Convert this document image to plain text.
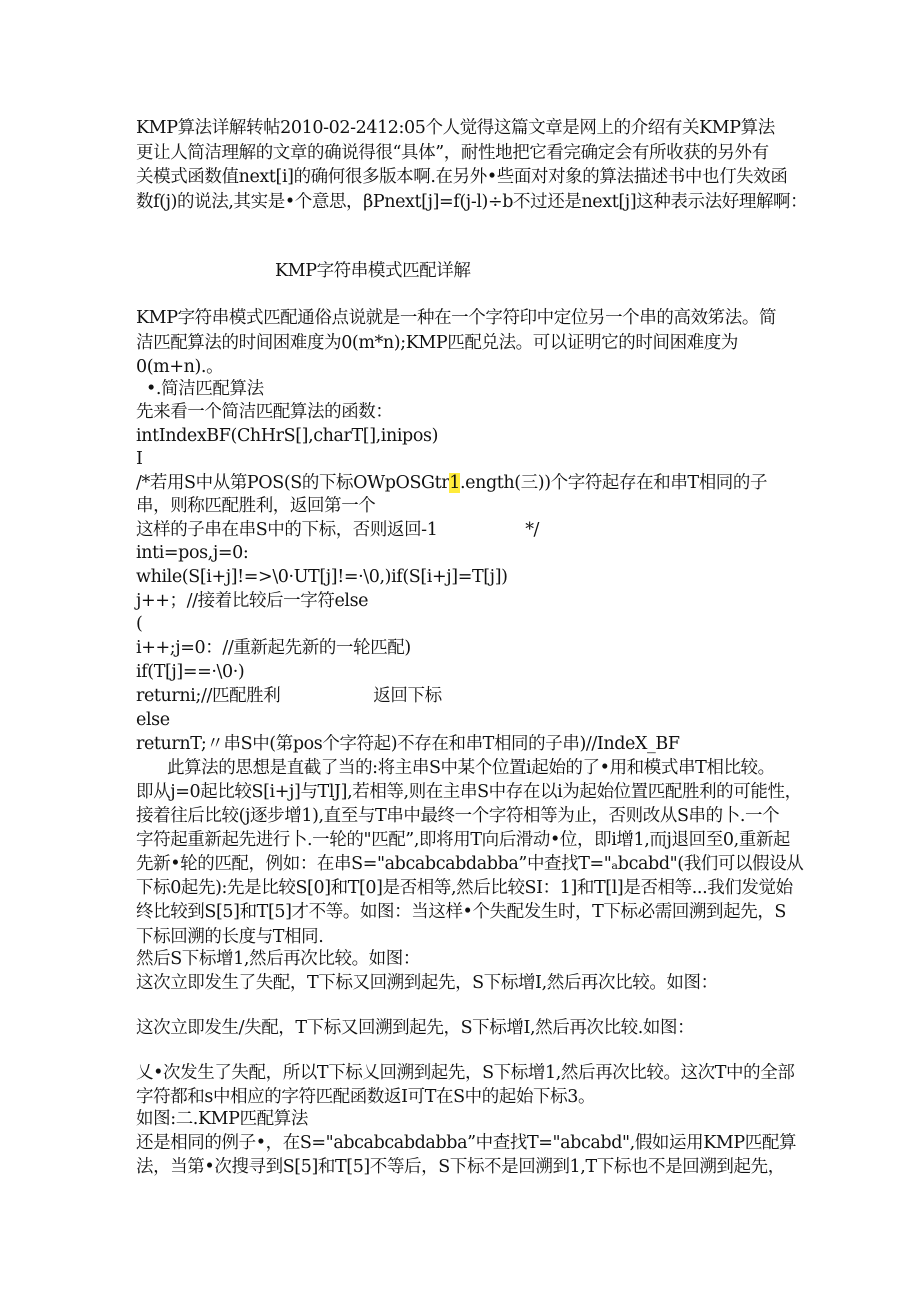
KMP算法详解转帖2010-02-2412:05个人觉得这篇文章是网上的介绍有关KMP算法

更让人简洁理解的文章的确说得很“具体”，耐性地把它看完确定会有所收获的另外有

关模式函数值next[i]的确何很多版本啊.在另外•些面对对象的算法描述书中也仃失效函

数f(j)的说法,其实是•个意思，βPnext[j]=f(j-l)÷b不过还是next[j]这种表示法好理解啊：

KMP字符串模式匹配详解

KMP字符串模式匹配通俗点说就是一种在一个字符印中定位另一个串的高效笫法。简

洁匹配算法的时间困难度为0(m*n);KMP匹配兑法。可以证明它的时间困难度为

0(m+n).。

•.简洁匹配算法

先来看一个简洁匹配算法的函数：

intIndexBF(ChHrS[],charT[],inipos)

I

/*若用S中从第POS(S的下标OWpOSGtr1.ength(三))个字符起存在和串T相同的子

串，则称匹配胜利，返回第一个

这样的子串在串S中的下标，否则返回-1                 */

inti=pos,j=0:

while(S[i+j]!=>\0·UT[j]!=·\0,)if(S[i+j]=T[j])

j++；//接着比较后一字符else

(

i++;j=0：//重新起先新的一轮匹配)

if(T[j]==·\0·)

returni;//匹配胜利                  返回下标

else

returnT;〃串S中(第pos个字符起)不存在和串T相同的子串)//IndeX_BF

此算法的思想是直截了当的:将主串S中某个位置i起始的了•用和模式串T相比较。

即从j=0起比较S[i+j]与TlJ],若相等,则在主串S中存在以i为起始位置匹配胜利的可能性，

接着往后比较(j逐步增1),直至与T串中最终一个字符相等为止，否则改从S串的卜.一个

字符起重新起先进行卜.一轮的"匹配”,即将用T向后滑动•位，即i增1,而j退回至0,重新起

先新•轮的匹配，例如：在串S="abcabcabdabba”中查找T="ₐbcabd"(我们可以假设从

下标0起先):先是比较S[0]和T[0]是否相等,然后比较SI：1]和T[l]是否相等...我们发觉始

终比较到S[5]和T[5]才不等。如图：当这样•个失配发生时，T下标必需回溯到起先，S

下标回溯的长度与T相同.

然后S下标增1,然后再次比较。如图：

这次立即发生了失配，T下标又回溯到起先，S下标增I,然后再次比较。如图：

这次立即发生/失配，T下标又回溯到起先，S下标增I,然后再次比较.如图：

乂•次发生了失配，所以T下标乂回溯到起先，S下标增1,然后再次比较。这次T中的全部

字符都和s中相应的字符匹配函数返I可T在S中的起始下标3。

如图:二.KMP匹配算法

还是相同的例子•，在S="abcabcabdabba”中查找T="abcabd",假如运用KMP匹配算

法，当第•次搜寻到S[5]和T[5]不等后，S下标不是回溯到1,T下标也不是回溯到起先，
